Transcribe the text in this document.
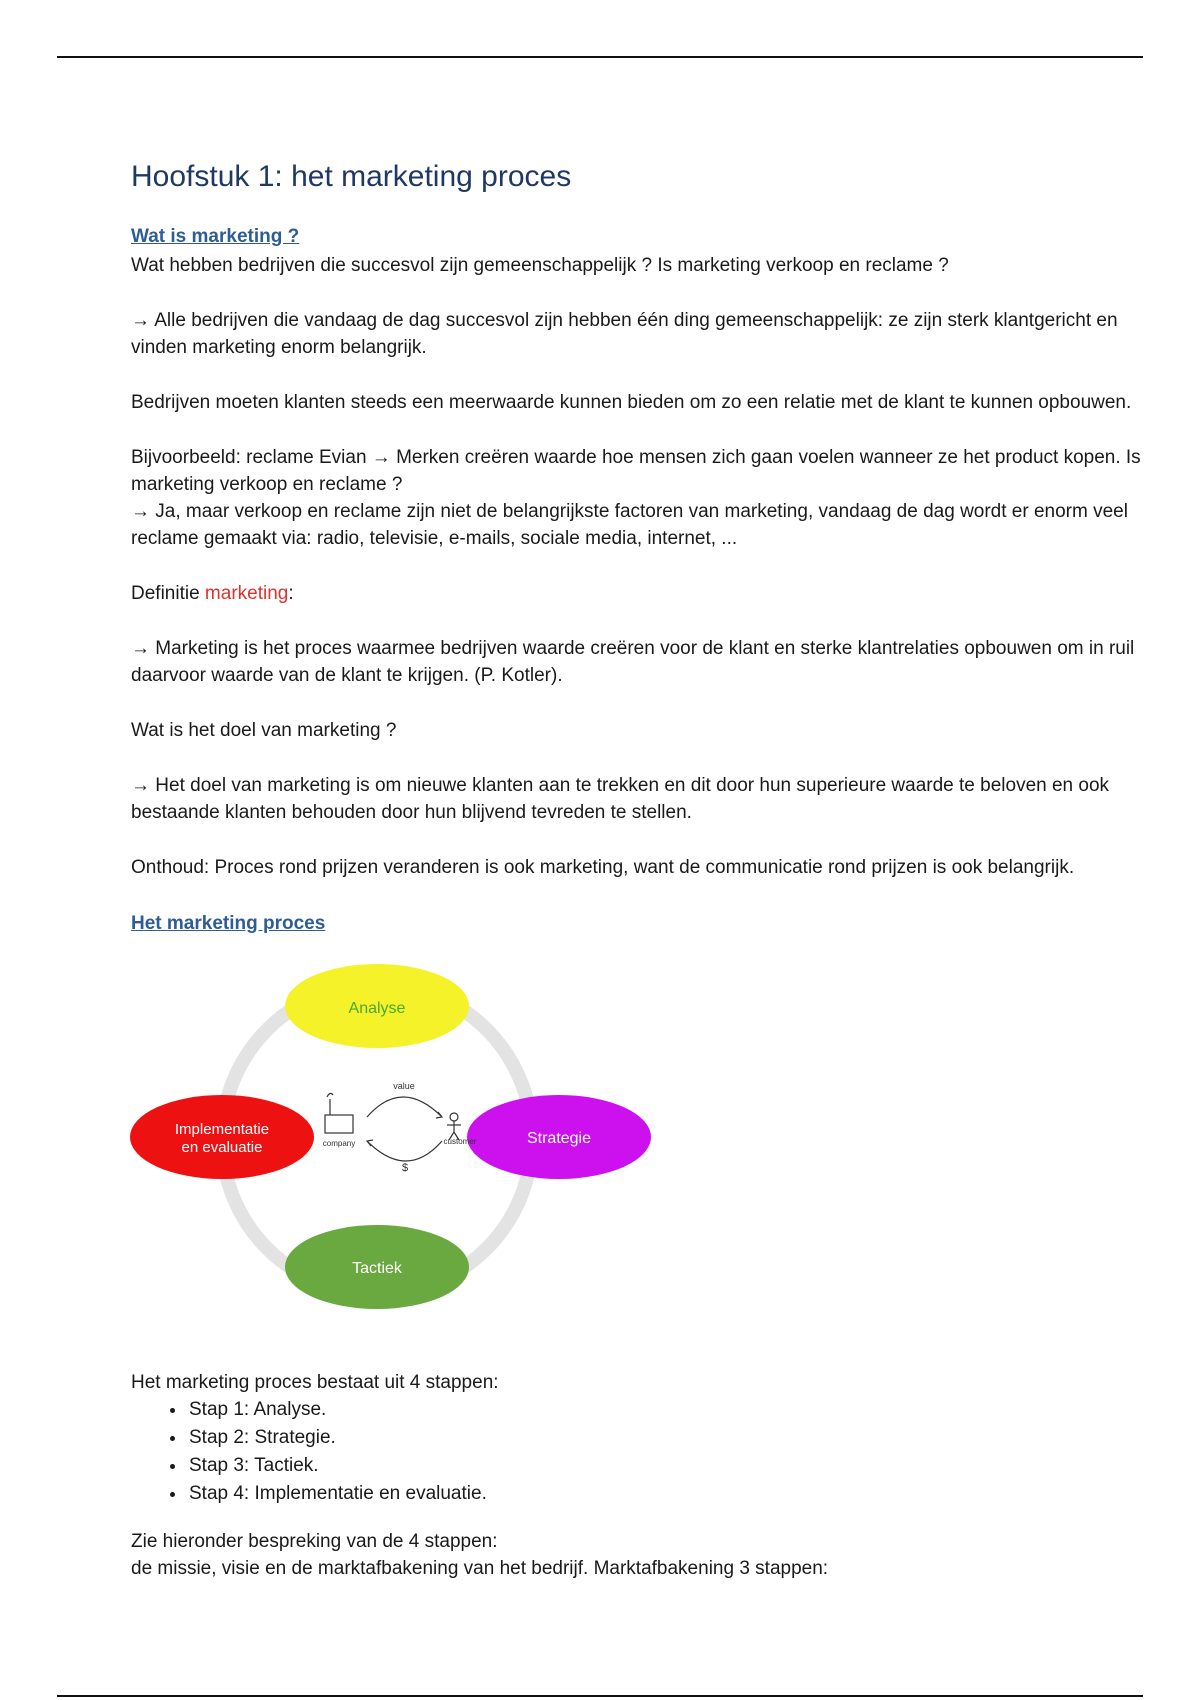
Hoofstuk 1: het marketing proces
Wat is marketing ?

Wat hebben bedrijven die succesvol zijn gemeenschappelijk ? Is marketing verkoop en reclame ?

→ Alle bedrijven die vandaag de dag succesvol zijn hebben één ding gemeenschappelijk: ze zijn sterk klantgericht en vinden marketing enorm belangrijk.

Bedrijven moeten klanten steeds een meerwaarde kunnen bieden om zo een relatie met de klant te kunnen opbouwen.

Bijvoorbeeld: reclame Evian → Merken creëren waarde hoe mensen zich gaan voelen wanneer ze het product kopen. Is marketing verkoop en reclame ?

→ Ja, maar verkoop en reclame zijn niet de belangrijkste factoren van marketing, vandaag de dag wordt er enorm veel reclame gemaakt via: radio, televisie, e-mails, sociale media, internet, ...

Definitie marketing:

→ Marketing is het proces waarmee bedrijven waarde creëren voor de klant en sterke klantrelaties opbouwen om in ruil daarvoor waarde van de klant te krijgen. (P. Kotler).

Wat is het doel van marketing ?

→ Het doel van marketing is om nieuwe klanten aan te trekken en dit door hun superieure waarde te beloven en ook bestaande klanten behouden door hun blijvend tevreden te stellen.

Onthoud: Proces rond prijzen veranderen is ook marketing, want de communicatie rond prijzen is ook belangrijk.

Het marketing proces
Analyse
Strategie
Tactiek
Implementatie
en evaluatie
value
company	customer
$

Het marketing proces bestaat uit 4 stappen:

• Stap 1: Analyse.
• Stap 2: Strategie.
• Stap 3: Tactiek.
• Stap 4: Implementatie en evaluatie.

Zie hieronder bespreking van de 4 stappen:

de missie, visie en de marktafbakening van het bedrijf. Marktafbakening 3 stappen:
